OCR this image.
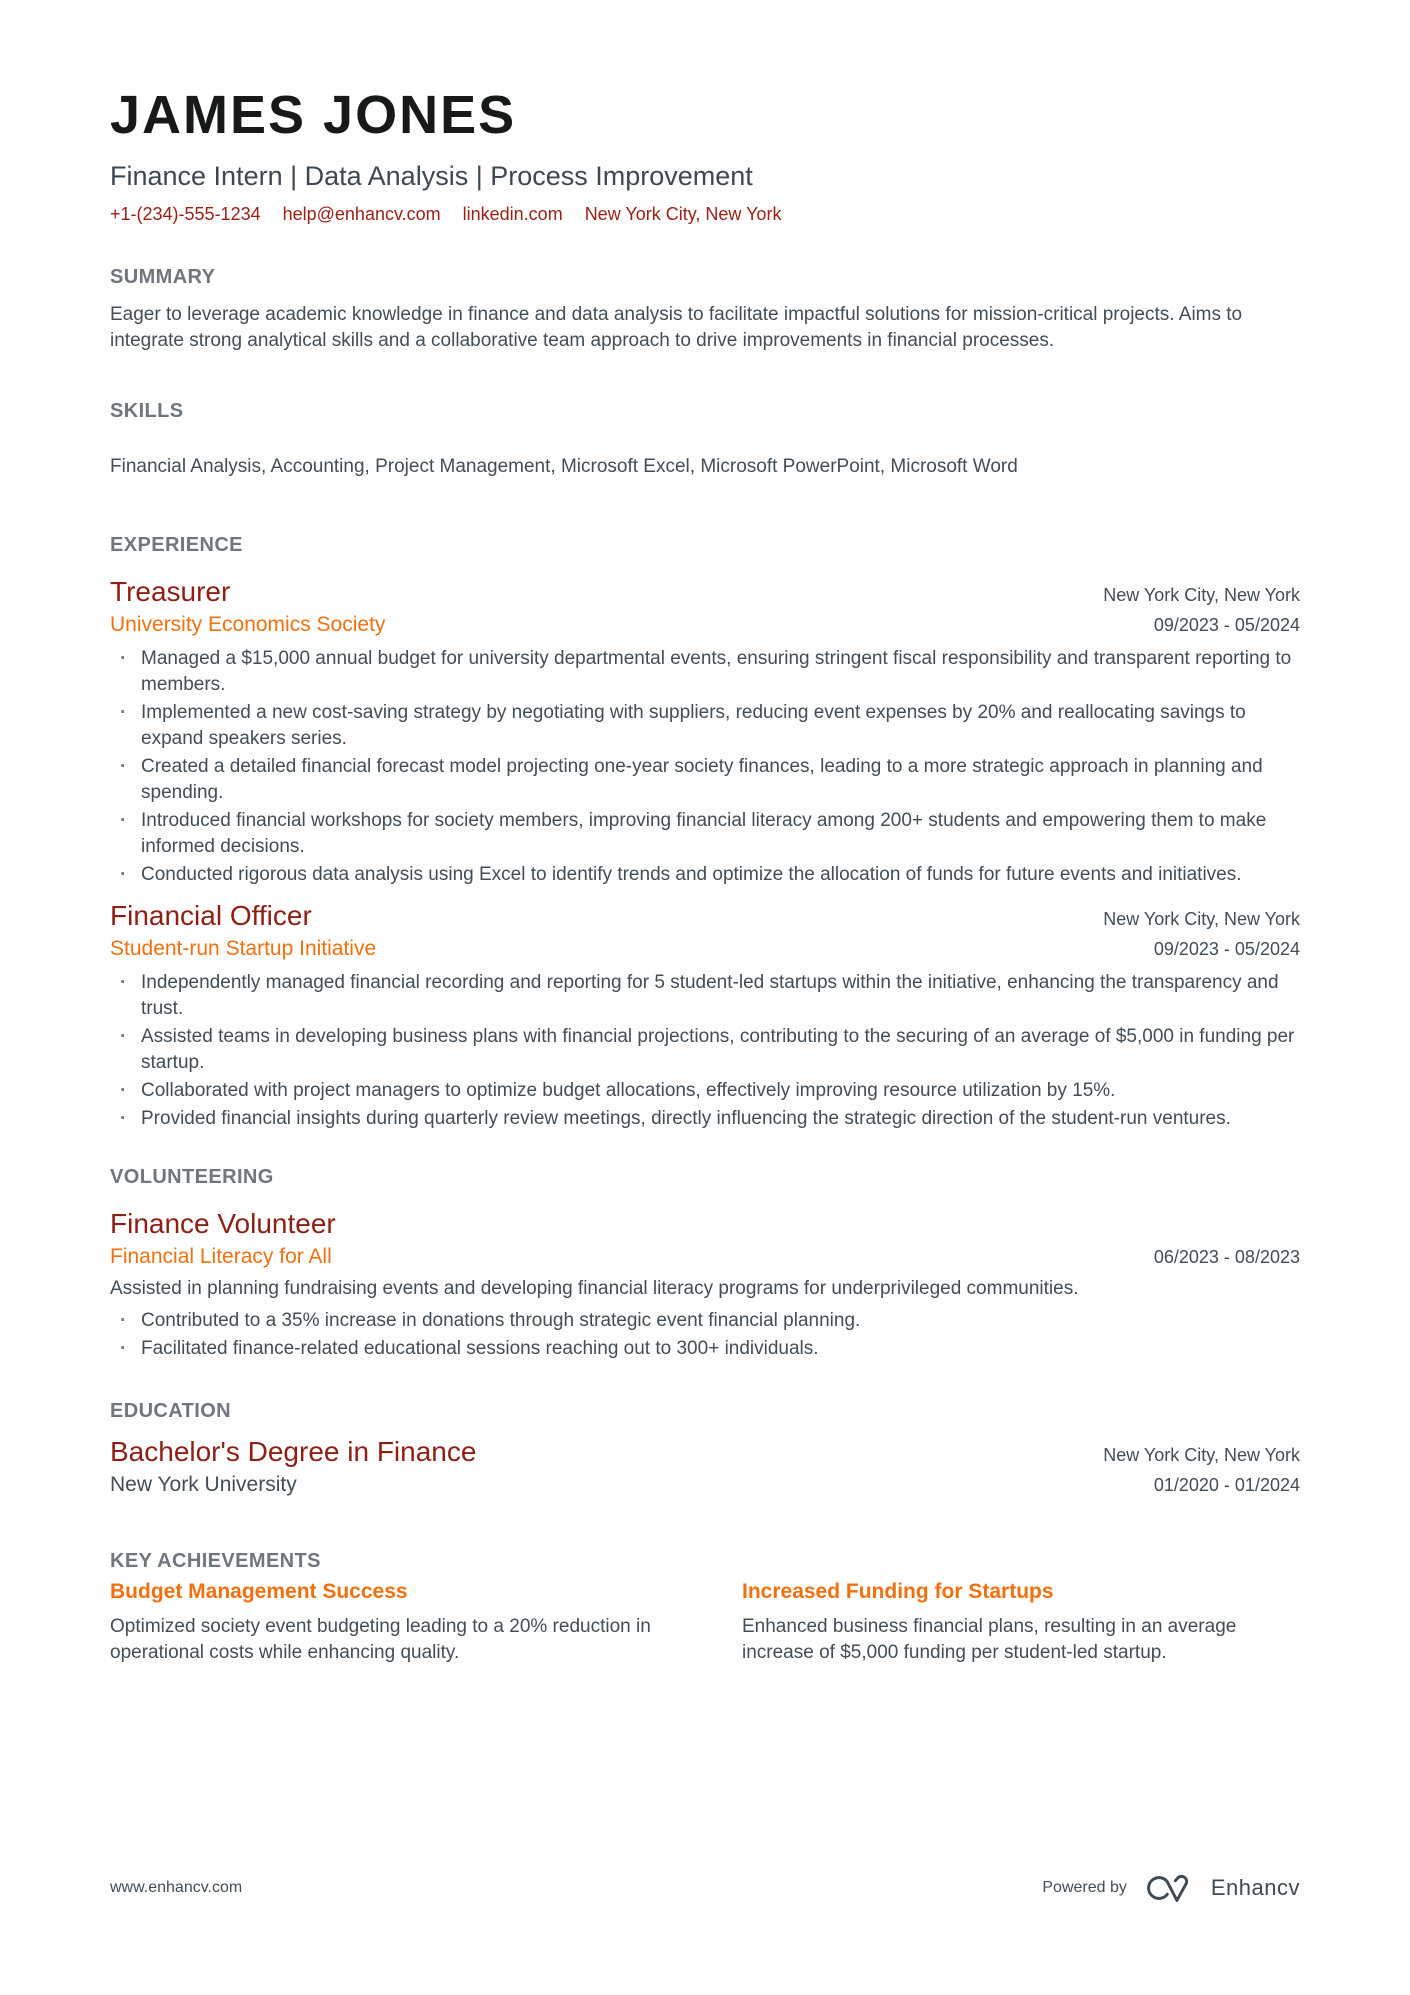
JAMES JONES
Finance Intern | Data Analysis | Process Improvement
+1-(234)-555-1234 help@enhancv.com linkedin.com New York City, New York
SUMMARY

Eager to leverage academic knowledge in finance and data analysis to facilitate impactful solutions for mission-critical projects. Aims to integrate strong analytical skills and a collaborative team approach to drive improvements in financial processes.

SKILLS

Financial Analysis, Accounting, Project Management, Microsoft Excel, Microsoft PowerPoint, Microsoft Word

EXPERIENCE
Treasurer	New York City, New York
University Economics Society	09/2023 - 05/2024
· Managed a $15,000 annual budget for university departmental events, ensuring stringent fiscal responsibility and transparent reporting to members.
· Implemented a new cost-saving strategy by negotiating with suppliers, reducing event expenses by 20% and reallocating savings to expand speakers series.
· Created a detailed financial forecast model projecting one-year society finances, leading to a more strategic approach in planning and spending.
· Introduced financial workshops for society members, improving financial literacy among 200+ students and empowering them to make informed decisions.
· Conducted rigorous data analysis using Excel to identify trends and optimize the allocation of funds for future events and initiatives.
Financial Officer	New York City, New York
Student-run Startup Initiative	09/2023 - 05/2024
· Independently managed financial recording and reporting for 5 student-led startups within the initiative, enhancing the transparency and trust.
· Assisted teams in developing business plans with financial projections, contributing to the securing of an average of $5,000 in funding per startup.
· Collaborated with project managers to optimize budget allocations, effectively improving resource utilization by 15%.
· Provided financial insights during quarterly review meetings, directly influencing the strategic direction of the student-run ventures.
VOLUNTEERING
Finance Volunteer
Financial Literacy for All	06/2023 - 08/2023

Assisted in planning fundraising events and developing financial literacy programs for underprivileged communities.

· Contributed to a 35% increase in donations through strategic event financial planning.
· Facilitated finance-related educational sessions reaching out to 300+ individuals.
EDUCATION
Bachelor's Degree in Finance	New York City, New York
New York University	01/2020 - 01/2024
KEY ACHIEVEMENTS
Budget Management Success

Optimized society event budgeting leading to a 20% reduction in operational costs while enhancing quality.

Increased Funding for Startups

Enhanced business financial plans, resulting in an average increase of $5,000 funding per student-led startup.

www.enhancv.com	Powered by	Enhancv
